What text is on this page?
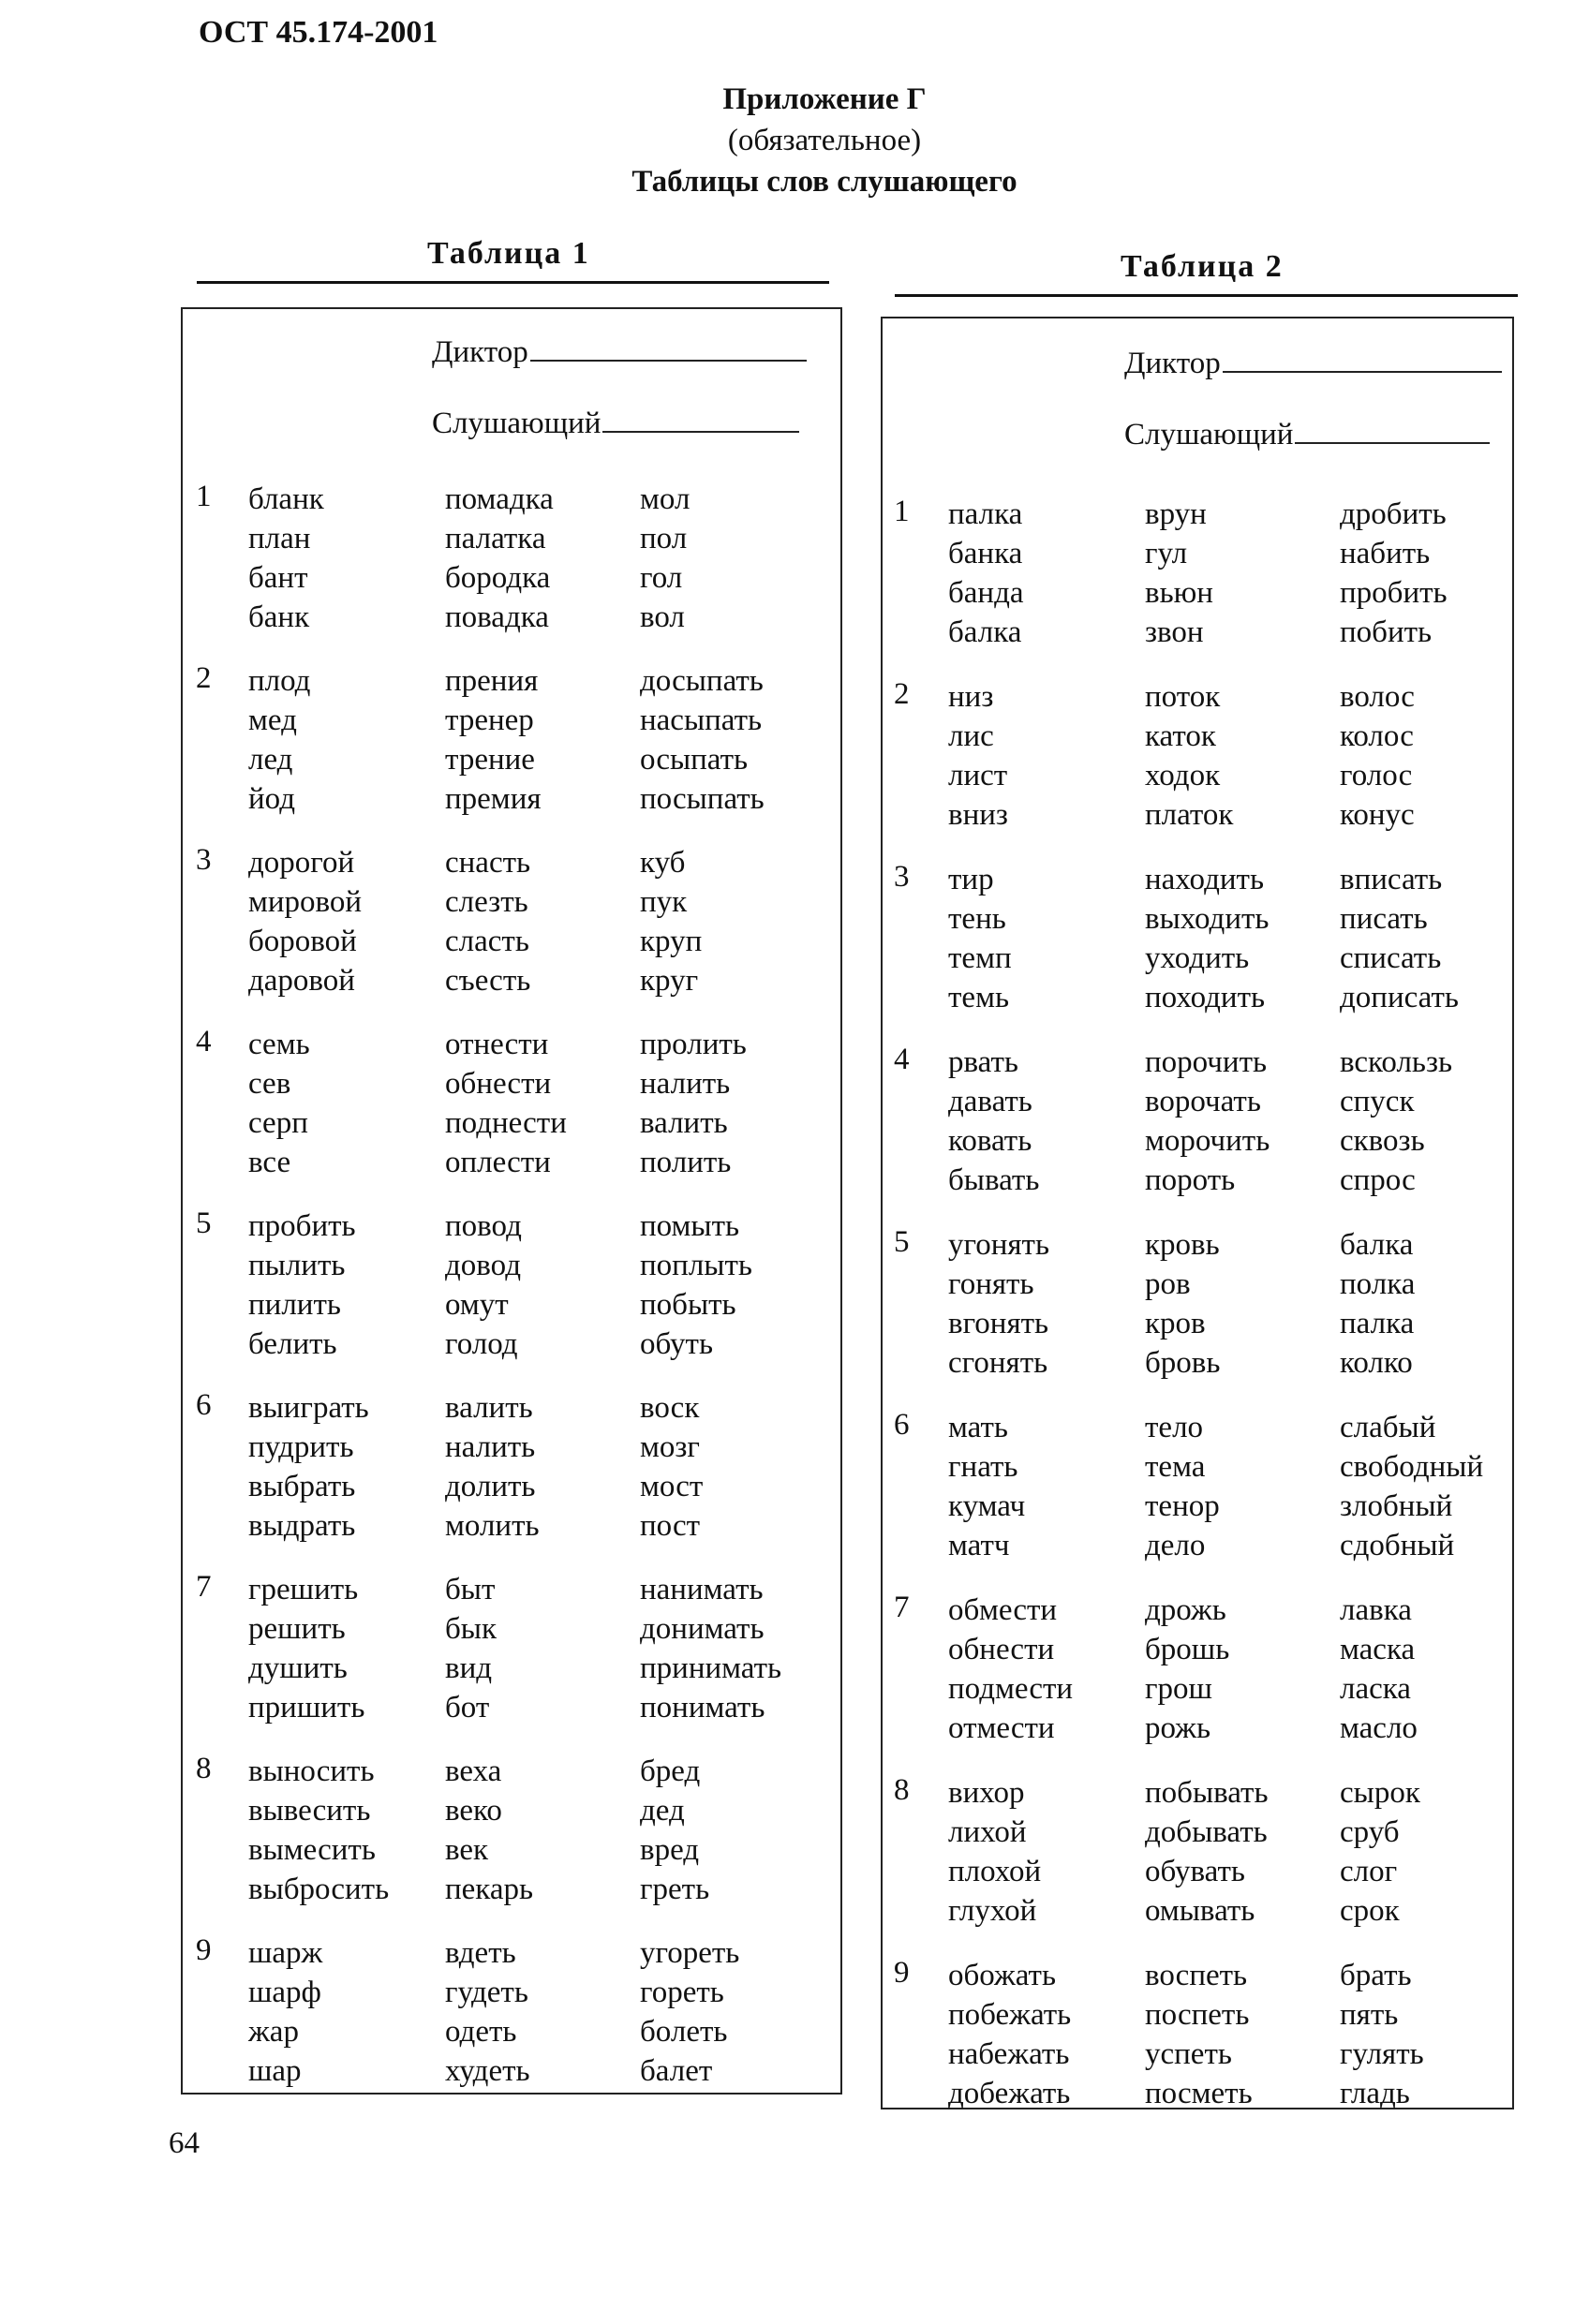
ОСТ 45.174-2001
Приложение Г
(обязательное)
Таблицы слов слушающего
Таблица 1
Диктор
Слушающий
1 бланк
план
бант
банк
помадка
палатка
бородка
повадка
мол
пол
гол
вол
2 плод
мед
лед
йод
прения
тренер
трение
премия
досыпать
насыпать
осыпать
посыпать
3 дорогой
мировой
боровой
даровой
снасть
слезть
сласть
съесть
куб
пук
круп
круг
4 семь
сев
серп
все
отнести
обнести
поднести
оплести
пролить
налить
валить
полить
5 пробить
пылить
пилить
белить
повод
довод
омут
голод
помыть
поплыть
побыть
обуть
6 выиграть
пудрить
выбрать
выдрать
валить
налить
долить
молить
воск
мозг
мост
пост
7 грешить
решить
душить
пришить
быт
бык
вид
бот
нанимать
донимать
принимать
понимать
8 выносить
вывесить
вымесить
выбросить
веха
веко
век
пекарь
бред
дед
вред
греть
9 шарж
шарф
жар
шар
вдеть
гудеть
одеть
худеть
угореть
гореть
болеть
балет
Таблица 2
Диктор
Слушающий
1 палка
банка
банда
балка
врун
гул
вьюн
звон
дробить
набить
пробить
побить
2 низ
лис
лист
вниз
поток
каток
ходок
платок
волос
колос
голос
конус
3 тир
тень
темп
темь
находить
выходить
уходить
походить
вписать
писать
списать
дописать
4 рвать
давать
ковать
бывать
порочить
ворочать
морочить
пороть
вскользь
спуск
сквозь
спрос
5 угонять
гонять
вгонять
сгонять
кровь
ров
кров
бровь
балка
полка
палка
колко
6 мать
гнать
кумач
матч
тело
тема
тенор
дело
слабый
свободный
злобный
сдобный
7 обмести
обнести
подмести
отмести
дрожь
брошь
грош
рожь
лавка
маска
ласка
масло
8 вихор
лихой
плохой
глухой
побывать
добывать
обувать
омывать
сырок
сруб
слог
срок
9 обожать
побежать
набежать
добежать
воспеть
поспеть
успеть
посметь
брать
пять
гулять
гладь
64
